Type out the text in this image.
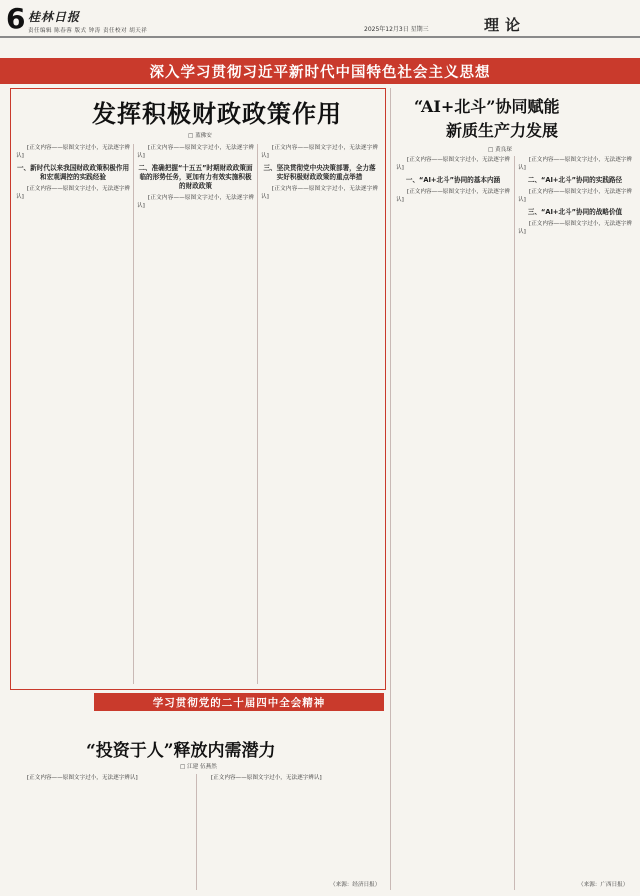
6 桂林日报
责任编辑 陈春蓉 版式 钟涛 责任校对 胡天祥	2025年12月3日 星期三	理论
深入学习贯彻习近平新时代中国特色社会主义思想
发挥积极财政政策作用
□ 蓝佛安

[正文内容——原图文字过小，无法逐字辨认]

一、新时代以来我国财政政策积极作用和宏观调控的实践经验

[正文内容——原图文字过小，无法逐字辨认]

[正文内容——原图文字过小，无法逐字辨认]

二、准确把握“十五五”时期财政政策面临的形势任务，更加有力有效实施积极的财政政策

[正文内容——原图文字过小，无法逐字辨认]

[正文内容——原图文字过小，无法逐字辨认]

三、坚决贯彻党中央决策部署，全力落实好积极财政政策的重点举措

[正文内容——原图文字过小，无法逐字辨认]

学习贯彻党的二十届四中全会精神
“投资于人”释放内需潜力
□ 江建 伍燕然

[正文内容——原图文字过小，无法逐字辨认]	[正文内容——原图文字过小，无法逐字辨认]

（来源：经济日报）
“AI+北斗”协同赋能
新质生产力发展
□ 黄良琛

[正文内容——原图文字过小，无法逐字辨认]

一、“AI+北斗”协同的基本内涵

[正文内容——原图文字过小，无法逐字辨认]

[正文内容——原图文字过小，无法逐字辨认]

二、“AI+北斗”协同的实践路径

[正文内容——原图文字过小，无法逐字辨认]

三、“AI+北斗”协同的战略价值

[正文内容——原图文字过小，无法逐字辨认]

（来源：广西日报）
